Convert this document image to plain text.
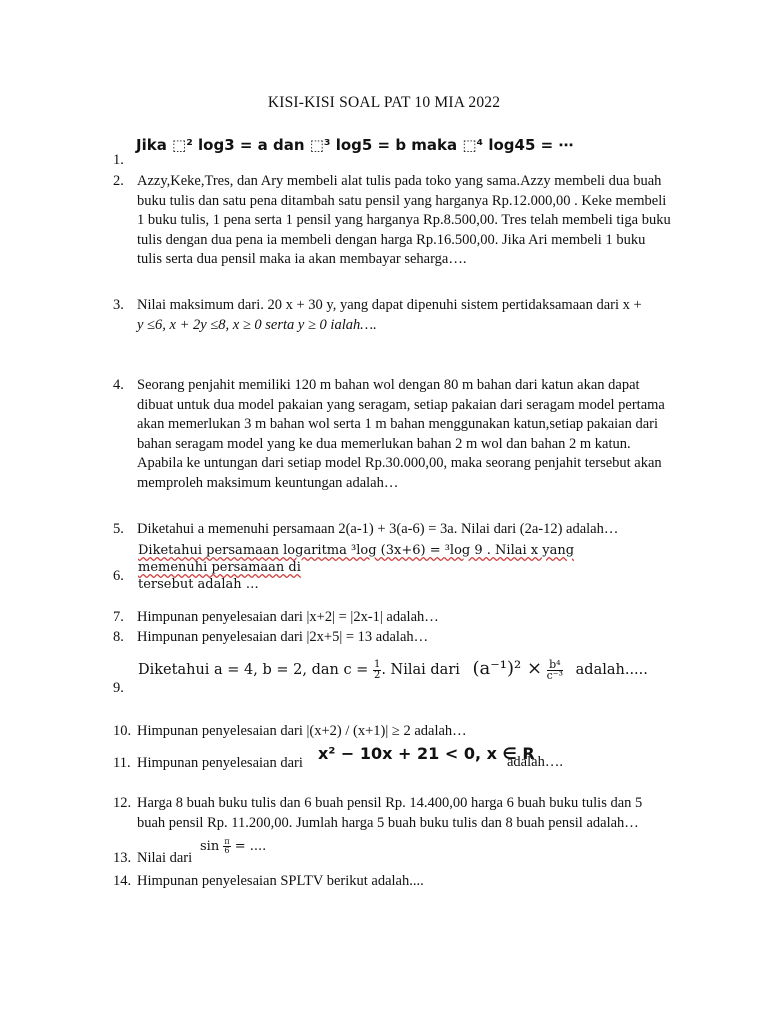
KISI-KISI SOAL PAT 10 MIA 2022
Jika ⬚² log3 = a dan ⬚³ log5 = b maka ⬚⁴ log45 = ⋯
1.
2. Azzy,Keke,Tres, dan Ary membeli alat tulis pada toko yang sama.Azzy membeli dua buah buku tulis dan satu pena ditambah satu pensil yang harganya Rp.12.000,00 . Keke membeli 1 buku tulis, 1 pena serta 1 pensil yang harganya Rp.8.500,00. Tres telah membeli tiga buku tulis dengan dua pena ia membeli dengan harga Rp.16.500,00. Jika Ari membeli 1 buku tulis serta dua pensil maka ia akan membayar seharga….
3. Nilai maksimum dari. 20 x + 30 y, yang dapat dipenuhi sistem pertidaksamaan dari x +
y ≤6, x + 2y ≤8, x ≥ 0 serta y ≥ 0 ialah….
4. Seorang penjahit memiliki 120 m bahan wol dengan 80 m bahan dari katun akan dapat dibuat untuk dua model pakaian yang seragam, setiap pakaian dari seragam model pertama akan memerlukan 3 m bahan wol serta 1 m bahan menggunakan katun,setiap pakaian dari bahan seragam model yang ke dua memerlukan bahan 2 m wol dan bahan 2 m katun. Apabila ke untungan dari setiap model Rp.30.000,00, maka seorang penjahit tersebut akan memproleh maksimum keuntungan adalah…
5. Diketahui a memenuhi persamaan 2(a-1) + 3(a-6) = 3a. Nilai dari (2a-12) adalah…
Diketahui persamaan logaritma ³log (3x+6) = ³log 9 . Nilai x yang memenuhi persamaan di
tersebut adalah …
6.
7. Himpunan penyelesaian dari |x+2| = |2x-1| adalah…
8. Himpunan penyelesaian dari |2x+5| = 13 adalah…
Diketahui a = 4, b = 2, dan $c = \frac{1}{2}$ . Nilai dari $(a^{-1})^2 \times \frac{\text{b⁴}}{\text{c⁻³}}$ adalah.....
9.
10. Himpunan penyelesaian dari |(x+2) / (x+1)| ≥ 2 adalah…
11. Himpunan penyelesaian dari x² − 10x + 21 < 0, x ∈ R
adalah….
12. Harga 8 buah buku tulis dan 6 buah pensil Rp. 14.400,00 harga 6 buah buku tulis dan 5 buah pensil Rp. 11.200,00. Jumlah harga 5 buah buku tulis dan 8 buah pensil adalah…
13. Nilai dari
$\sin \frac{\pi}{6}$ = ....
14. Himpunan penyelesaian SPLTV berikut adalah....
